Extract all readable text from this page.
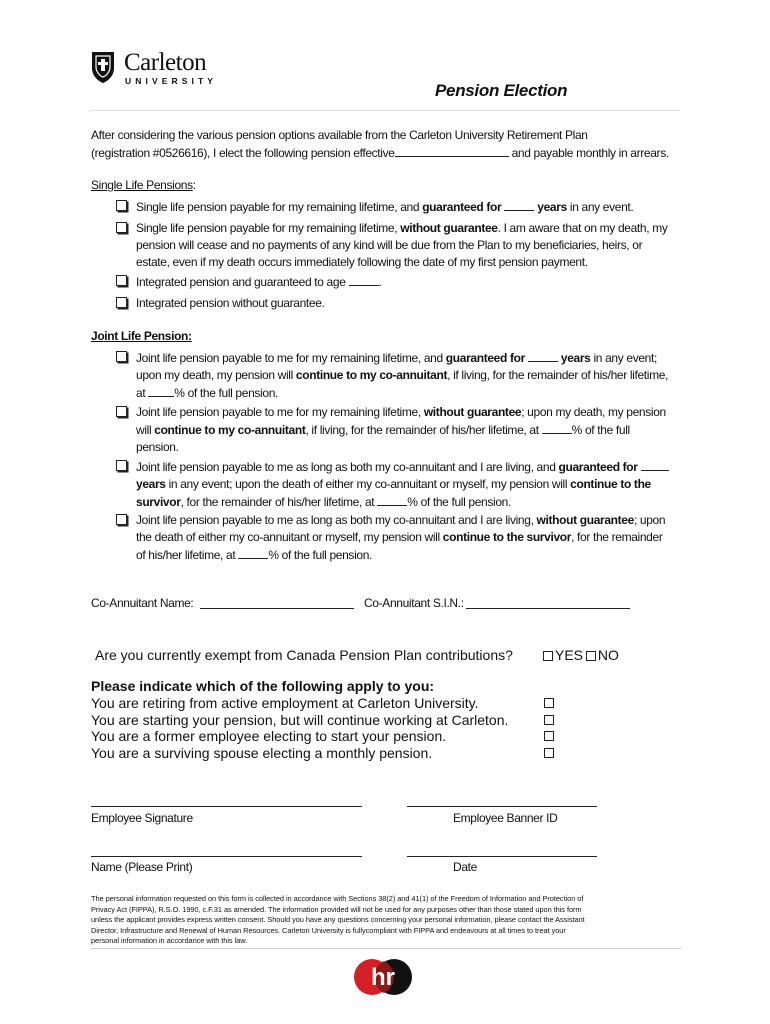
Carleton
UNIVERSITY	Pension Election
After considering the various pension options available from the Carleton University Retirement Plan
(registration #0526616), I elect the following pension effective	and payable monthly in arrears.
Single Life Pensions:
Single life pension payable for my remaining lifetime, and guaranteed for	years in any event.
Single life pension payable for my remaining lifetime, without guarantee. I am aware that on my death, my
pension will cease and no payments of any kind will be due from the Plan to my beneficiaries, heirs, or
estate, even if my death occurs immediately following the date of my first pension payment.
Integrated pension and guaranteed to age	.
Integrated pension without guarantee.
Joint Life Pension:
Joint life pension payable to me for my remaining lifetime, and guaranteed for	years in any event;
upon my death, my pension will continue to my co-annuitant, if living, for the remainder of his/her lifetime,
at % of the full pension.
Joint life pension payable to me for my remaining lifetime, without guarantee; upon my death, my pension
will continue to my co-annuitant, if living, for the remainder of his/her lifetime, at	% of the full
pension.
Joint life pension payable to me as long as both my co-annuitant and I are living, and guaranteed for
years in any event; upon the death of either my co-annuitant or myself, my pension will continue to the
survivor, for the remainder of his/her lifetime, at	% of the full pension.
Joint life pension payable to me as long as both my co-annuitant and I are living, without guarantee; upon
the death of either my co-annuitant or myself, my pension will continue to the survivor, for the remainder
of his/her lifetime, at	% of the full pension.
Co-Annuitant Name:	Co-Annuitant S.I.N.:
Are you currently exempt from Canada Pension Plan contributions?	YES NO
Please indicate which of the following apply to you:
You are retiring from active employment at Carleton University.
You are starting your pension, but will continue working at Carleton.
You are a former employee electing to start your pension.
You are a surviving spouse electing a monthly pension.
Employee Signature	Employee Banner ID
Name (Please Print)	Date
The personal information requested on this form is collected in accordance with Sections 38(2) and 41(1) of the Freedom of Information and Protection of
Privacy Act (FIPPA), R.S.O. 1990, c.F.31 as amended. The information provided will not be used for any purposes other than those stated upon this form
unless the applicant provides express written consent. Should you have any questions concerning your personal information, please contact the Assistant
Director, Infrastructure and Renewal of Human Resources. Carleton University is fullycompliant with FIPPA and endeavours at all times to treat your
personal information in accordance with this law.
hr
